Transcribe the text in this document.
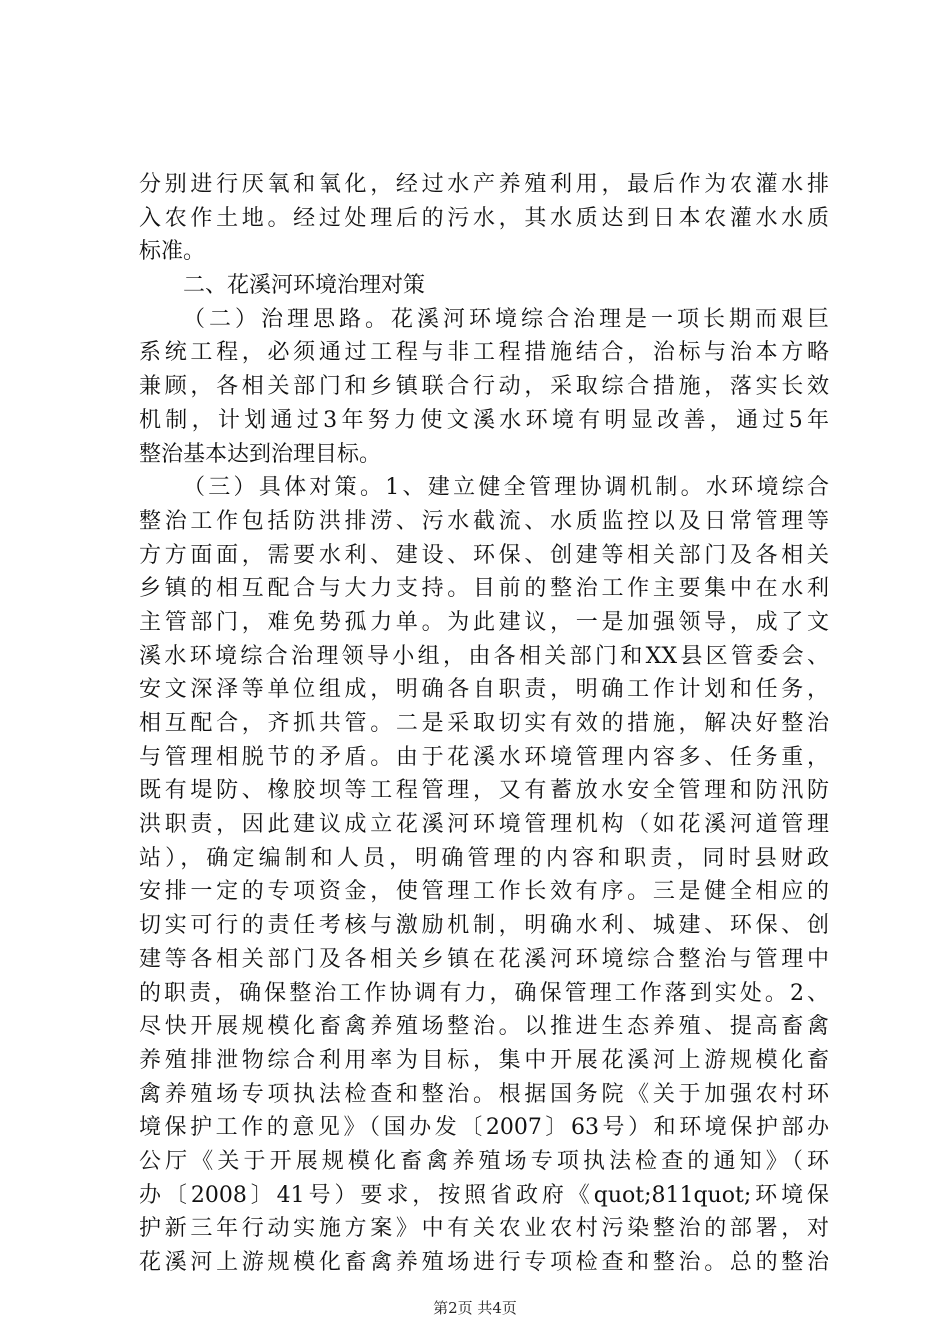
分别进行厌氧和氧化，经过水产养殖利用，最后作为农灌水排
入农作土地。经过处理后的污水，其水质达到日本农灌水水质
标准。
二、花溪河环境治理对策
（二）治理思路。花溪河环境综合治理是一项长期而艰巨
系统工程，必须通过工程与非工程措施结合，治标与治本方略
兼顾，各相关部门和乡镇联合行动，采取综合措施，落实长效
机制，计划通过3年努力使文溪水环境有明显改善，通过5年
整治基本达到治理目标。
（三）具体对策。1、建立健全管理协调机制。水环境综合
整治工作包括防洪排涝、污水截流、水质监控以及日常管理等
方方面面，需要水利、建设、环保、创建等相关部门及各相关
乡镇的相互配合与大力支持。目前的整治工作主要集中在水利
主管部门，难免势孤力单。为此建议，一是加强领导，成了文
溪水环境综合治理领导小组，由各相关部门和XX县区管委会、
安文深泽等单位组成，明确各自职责，明确工作计划和任务，
相互配合，齐抓共管。二是采取切实有效的措施，解决好整治
与管理相脱节的矛盾。由于花溪水环境管理内容多、任务重，
既有堤防、橡胶坝等工程管理，又有蓄放水安全管理和防汛防
洪职责，因此建议成立花溪河环境管理机构（如花溪河道管理
站），确定编制和人员，明确管理的内容和职责，同时县财政
安排一定的专项资金，使管理工作长效有序。三是健全相应的
切实可行的责任考核与激励机制，明确水利、城建、环保、创
建等各相关部门及各相关乡镇在花溪河环境综合整治与管理中
的职责，确保整治工作协调有力，确保管理工作落到实处。2、
尽快开展规模化畜禽养殖场整治。以推进生态养殖、提高畜禽
养殖排泄物综合利用率为目标，集中开展花溪河上游规模化畜
禽养殖场专项执法检查和整治。根据国务院《关于加强农村环
境保护工作的意见》（国办发〔2007〕63号）和环境保护部办
公厅《关于开展规模化畜禽养殖场专项执法检查的通知》（环
办〔2008〕41号）要求，按照省政府《quot;811quot;环境保
护新三年行动实施方案》中有关农业农村污染整治的部署，对
花溪河上游规模化畜禽养殖场进行专项检查和整治。总的整治
第2页 共4页
